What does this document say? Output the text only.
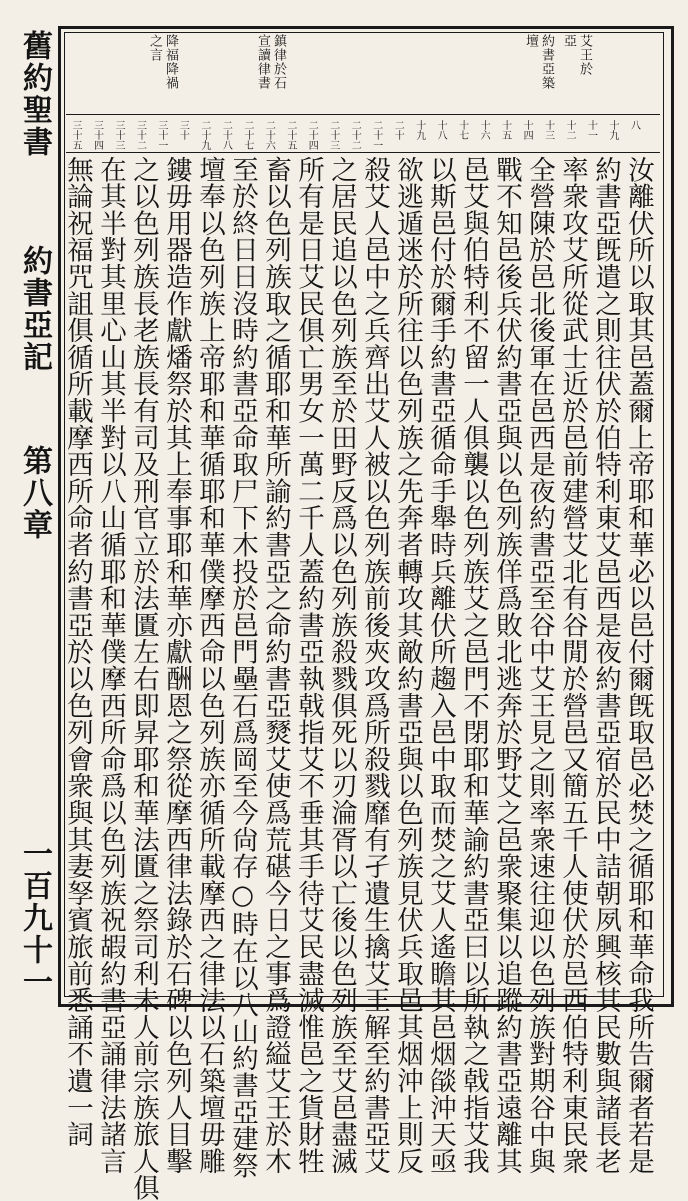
舊約聖書
約書亞記
第八章
一百九十一
艾王於
亞
約書亞築
壇
鎮律於石
宣讀律書
降福降禍
之言
八
十九
十一
十二
十三
十四
十五
十六
十七
十八
十九
二十
二十一
二十二
二十三
二十四
二十五
二十六
二十七
二十八
二十九
三十
三十一
三十二
三十三
三十四
三十五
汝離伏所以取其邑蓋爾上帝耶和華必以邑付爾旣取邑必焚之循耶和華命我所告爾者若是
約書亞旣遣之則往伏於伯特利東艾邑西是夜約書亞宿於民中詰朝夙興核其民數與諸長老
率衆攻艾所從武士近於邑前建營艾北有谷閒於營邑又簡五千人使伏於邑西伯特利東民衆
全營陳於邑北後軍在邑西是夜約書亞至谷中艾王見之則率衆速往迎以色列族對期谷中與
戰不知邑後兵伏約書亞與以色列族佯爲敗北逃奔於野艾之邑衆聚集以追蹤約書亞遠離其
邑艾與伯特利不留一人俱襲以色列族艾之邑門不閉耶和華諭約書亞曰以所執之戟指艾我
以斯邑付於爾手約書亞循命手舉時兵離伏所趨入邑中取而焚之艾人遙瞻其邑烟燄沖天亟
欲逃遁迷於所往以色列族之先奔者轉攻其敵約書亞與以色列族見伏兵取邑其烟沖上則反
殺艾人邑中之兵齊出艾人被以色列族前後夾攻爲所殺戮靡有孑遺生擒艾王解至約書亞艾
之居民追以色列族至於田野反爲以色列族殺戮俱死以刃淪胥以亡後以色列族至艾邑盡滅
所有是日艾民俱亡男女一萬二千人蓋約書亞執戟指艾不垂其手待艾民盡滅惟邑之貨財牲
畜以色列族取之循耶和華所諭約書亞之命約書亞燹艾使爲荒碪今日之事爲證縊艾王於木
至於終日日沒時約書亞命取尸下木投於邑門壘石爲岡至今尙存○時在以八山約書亞建祭
壇奉以色列族上帝耶和華循耶和華僕摩西命以色列族亦循所載摩西之律法以石築壇毋雕
鏤毋用器造作獻燔祭於其上奉事耶和華亦獻酬恩之祭從摩西律法錄於石碑以色列人目擊
之以色列族長老族長有司及刑官立於法匱左右即昇耶和華法匱之祭司利未人前宗族旅人俱
在其半對其里心山其半對以八山循耶和華僕摩西所命爲以色列族祝嘏約書亞誦律法諸言
無論祝福咒詛俱循所載摩西所命者約書亞於以色列會衆與其妻孥賓旅前悉誦不遺一詞
